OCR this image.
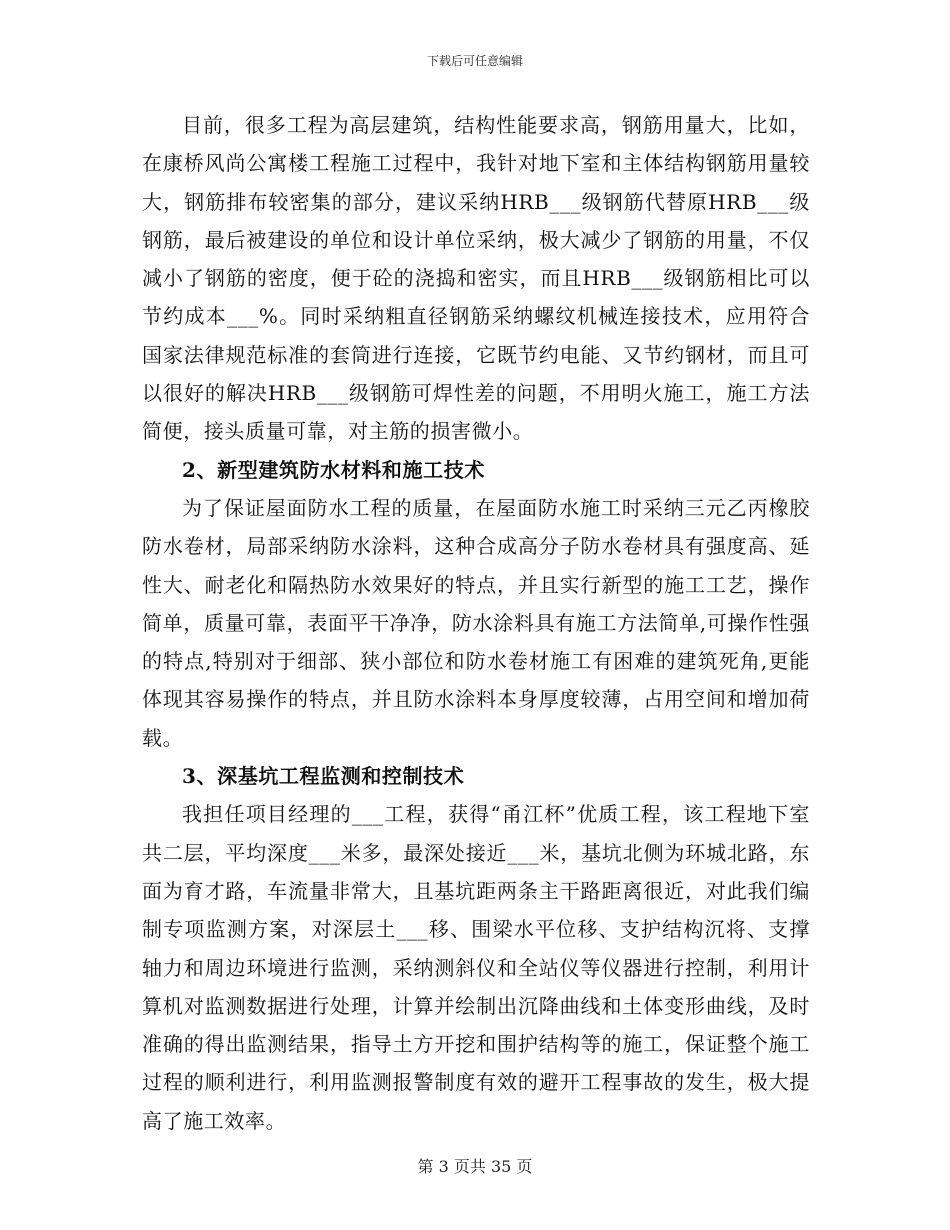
下载后可任意编辑

目前，很多工程为高层建筑，结构性能要求高，钢筋用量大，比如，在康桥风尚公寓楼工程施工过程中，我针对地下室和主体结构钢筋用量较大，钢筋排布较密集的部分，建议采纳HRB___级钢筋代替原HRB___级钢筋，最后被建设的单位和设计单位采纳，极大减少了钢筋的用量，不仅减小了钢筋的密度，便于砼的浇捣和密实，而且HRB___级钢筋相比可以节约成本___%。同时采纳粗直径钢筋采纳螺纹机械连接技术，应用符合国家法律规范标准的套筒进行连接，它既节约电能、又节约钢材，而且可以很好的解决HRB___级钢筋可焊性差的问题，不用明火施工，施工方法简便，接头质量可靠，对主筋的损害微小。

2、新型建筑防水材料和施工技术

为了保证屋面防水工程的质量，在屋面防水施工时采纳三元乙丙橡胶防水卷材，局部采纳防水涂料，这种合成高分子防水卷材具有强度高、延性大、耐老化和隔热防水效果好的特点，并且实行新型的施工工艺，操作简单，质量可靠，表面平干净净，防水涂料具有施工方法简单,可操作性强的特点,特别对于细部、狭小部位和防水卷材施工有困难的建筑死角,更能体现其容易操作的特点，并且防水涂料本身厚度较薄，占用空间和增加荷载。

3、深基坑工程监测和控制技术

我担任项目经理的___工程，获得“甬江杯”优质工程，该工程地下室共二层，平均深度___米多，最深处接近___米，基坑北侧为环城北路，东面为育才路，车流量非常大，且基坑距两条主干路距离很近，对此我们编制专项监测方案，对深层土___移、围梁水平位移、支护结构沉将、支撑轴力和周边环境进行监测，采纳测斜仪和全站仪等仪器进行控制，利用计算机对监测数据进行处理，计算并绘制出沉降曲线和土体变形曲线，及时准确的得出监测结果，指导土方开挖和围护结构等的施工，保证整个施工过程的顺利进行，利用监测报警制度有效的避开工程事故的发生，极大提高了施工效率。

第 3 页共 35 页
